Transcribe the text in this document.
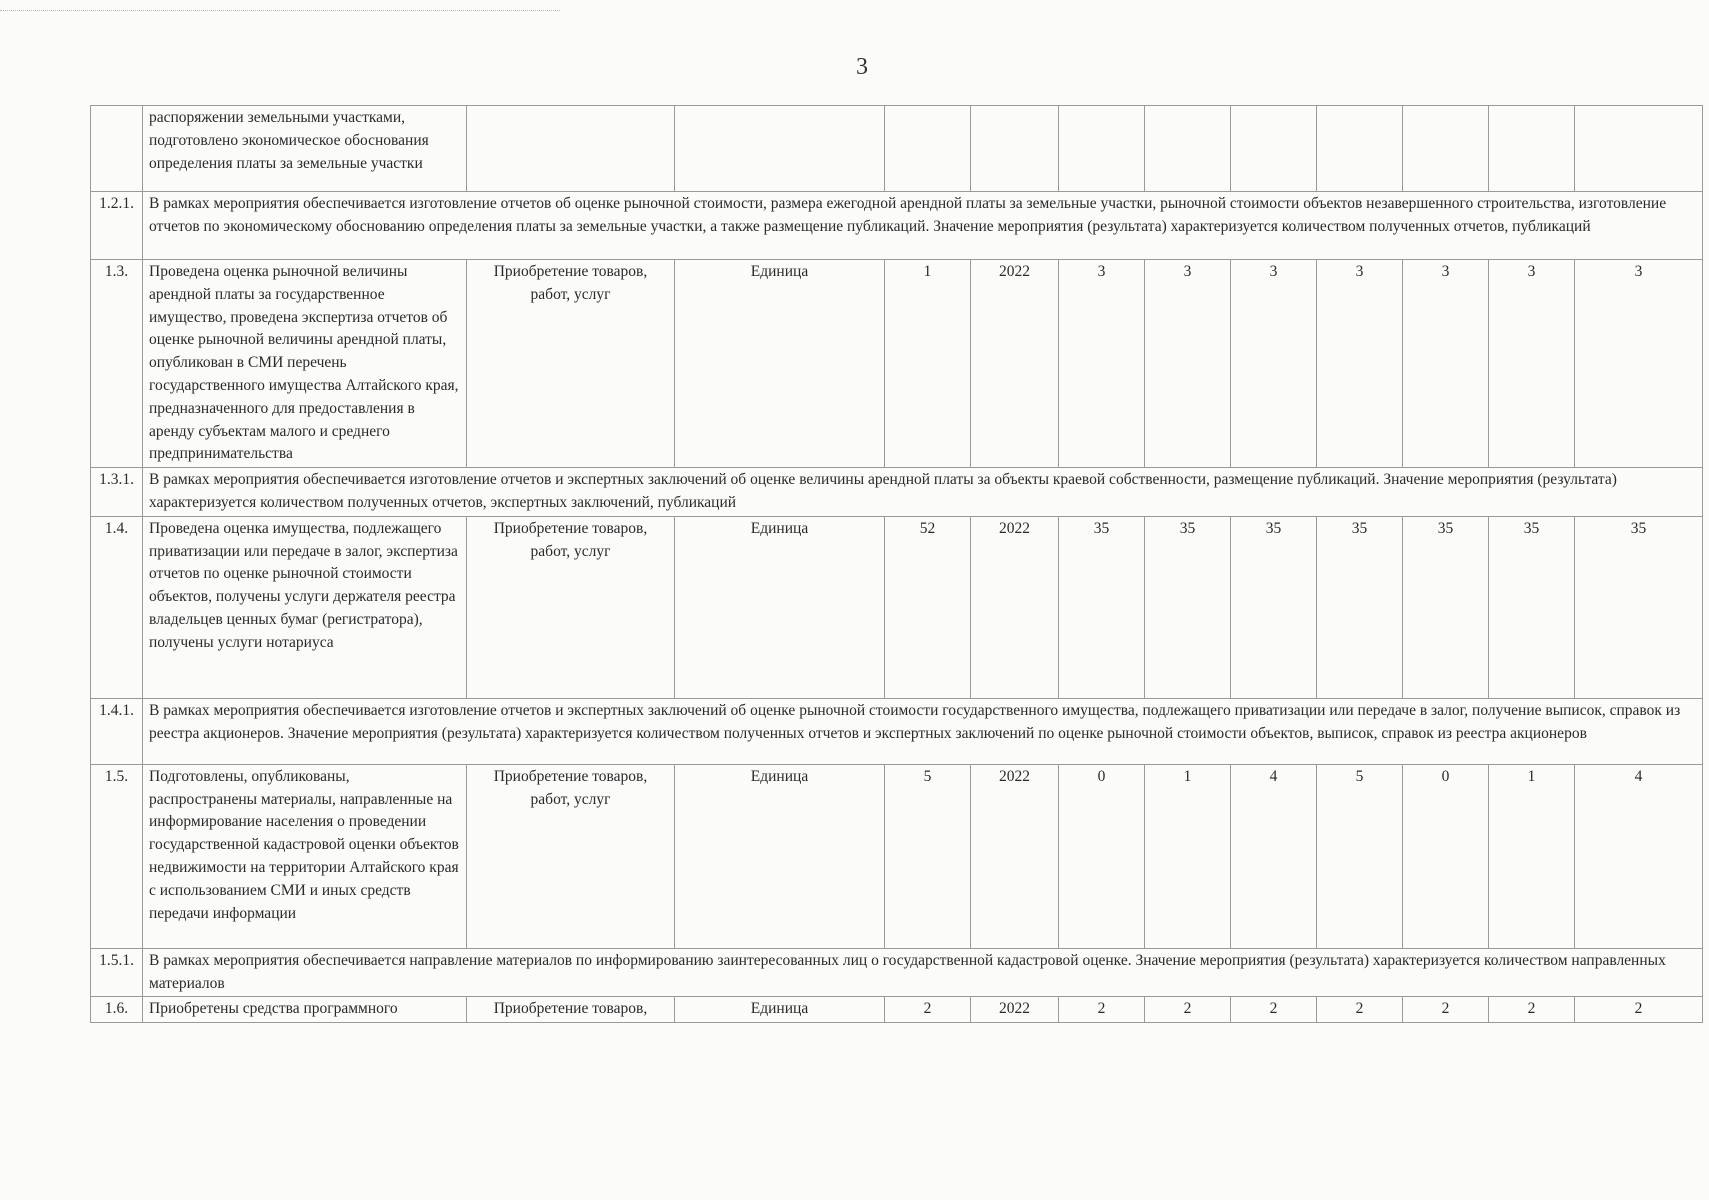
3
	распоряжении земельными участками, подготовлено экономическое обоснования определения платы за земельные участки											
1.2.1.	В рамках мероприятия обеспечивается изготовление отчетов об оценке рыночной стоимости, размера ежегодной арендной платы за земельные участки, рыночной стоимости объектов незавершенного строительства, изготовление отчетов по экономическому обоснованию определения платы за земельные участки, а также размещение публикаций. Значение мероприятия (результата) характеризуется количеством полученных отчетов, публикаций											
1.3.	Проведена оценка рыночной величины арендной платы за государственное имущество, проведена экспертиза отчетов об оценке рыночной величины арендной платы, опубликован в СМИ перечень государственного имущества Алтайского края, предназначенного для предоставления в аренду субъектам малого и среднего предпринимательства	Приобретение товаров, работ, услуг	Единица	1	2022	3	3	3	3	3	3	3
1.3.1.	В рамках мероприятия обеспечивается изготовление отчетов и экспертных заключений об оценке величины арендной платы за объекты краевой собственности, размещение публикаций. Значение мероприятия (результата) характеризуется количеством полученных отчетов, экспертных заключений, публикаций											
1.4.	Проведена оценка имущества, подлежащего приватизации или передаче в залог, экспертиза отчетов по оценке рыночной стоимости объектов, получены услуги держателя реестра владельцев ценных бумаг (регистратора), получены услуги нотариуса	Приобретение товаров, работ, услуг	Единица	52	2022	35	35	35	35	35	35	35
1.4.1.	В рамках мероприятия обеспечивается изготовление отчетов и экспертных заключений об оценке рыночной стоимости государственного имущества, подлежащего приватизации или передаче в залог, получение выписок, справок из реестра акционеров. Значение мероприятия (результата) характеризуется количеством полученных отчетов и экспертных заключений по оценке рыночной стоимости объектов, выписок, справок из реестра акционеров											
1.5.	Подготовлены, опубликованы, распространены материалы, направленные на информирование населения о проведении государственной кадастровой оценки объектов недвижимости на территории Алтайского края с использованием СМИ и иных средств передачи информации	Приобретение товаров, работ, услуг	Единица	5	2022	0	1	4	5	0	1	4
1.5.1.	В рамках мероприятия обеспечивается направление материалов по информированию заинтересованных лиц о государственной кадастровой оценке. Значение мероприятия (результата) характеризуется количеством направленных материалов											
1.6.	Приобретены средства программного	Приобретение товаров,	Единица	2	2022	2	2	2	2	2	2	2
